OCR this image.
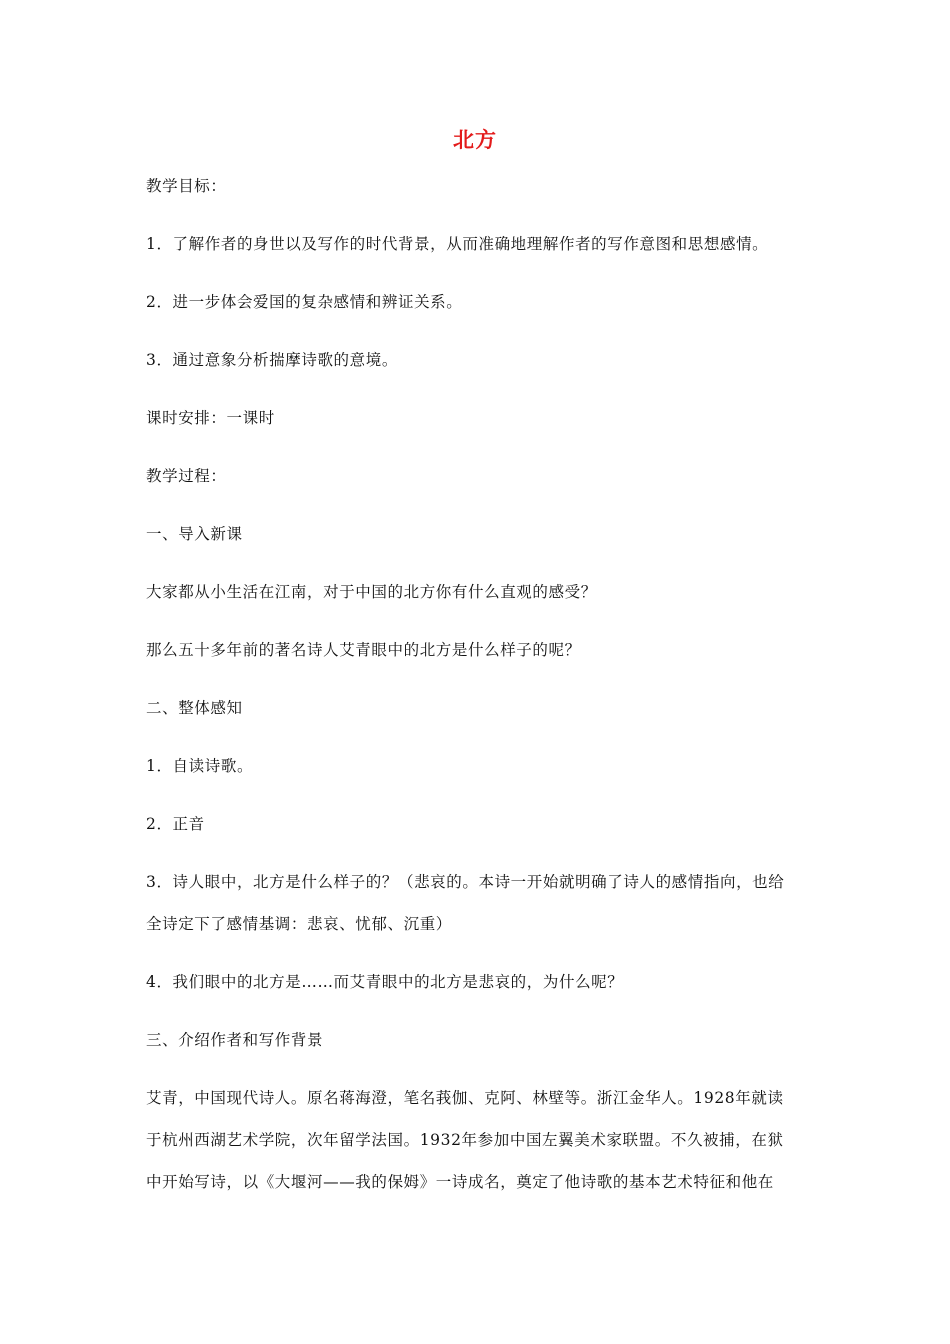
北方
教学目标：
1．了解作者的身世以及写作的时代背景，从而准确地理解作者的写作意图和思想感情。
2．进一步体会爱国的复杂感情和辨证关系。
3．通过意象分析揣摩诗歌的意境。
课时安排：一课时
教学过程：
一、导入新课
大家都从小生活在江南，对于中国的北方你有什么直观的感受？
那么五十多年前的著名诗人艾青眼中的北方是什么样子的呢？
二、整体感知
1．自读诗歌。
2．正音
3．诗人眼中，北方是什么样子的？（悲哀的。本诗一开始就明确了诗人的感情指向，也给
全诗定下了感情基调：悲哀、忧郁、沉重）
4．我们眼中的北方是……而艾青眼中的北方是悲哀的，为什么呢？
三、介绍作者和写作背景
艾青，中国现代诗人。原名蒋海澄，笔名莪伽、克阿、林壁等。浙江金华人。1928年就读
于杭州西湖艺术学院，次年留学法国。1932年参加中国左翼美术家联盟。不久被捕，在狱
中开始写诗，以《大堰河——我的保姆》一诗成名，奠定了他诗歌的基本艺术特征和他在
